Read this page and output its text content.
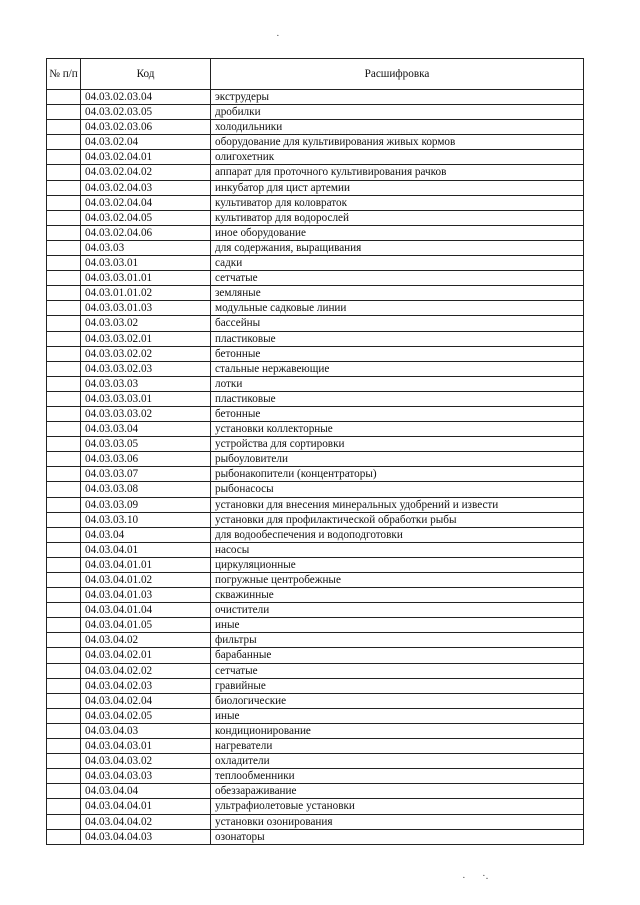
·
№ п/п	Код	Расшифровка
	04.03.02.03.04	экструдеры
	04.03.02.03.05	дробилки
	04.03.02.03.06	холодильники
	04.03.02.04	оборудование для культивирования живых кормов
	04.03.02.04.01	олигохетник
	04.03.02.04.02	аппарат для проточного культивирования рачков
	04.03.02.04.03	инкубатор для цист артемии
	04.03.02.04.04	культиватор для коловраток
	04.03.02.04.05	культиватор для водорослей
	04.03.02.04.06	иное оборудование
	04.03.03	для содержания, выращивания
	04.03.03.01	садки
	04.03.03.01.01	сетчатые
	04.03.01.01.02	земляные
	04.03.03.01.03	модульные садковые линии
	04.03.03.02	бассейны
	04.03.03.02.01	пластиковые
	04.03.03.02.02	бетонные
	04.03.03.02.03	стальные нержавеющие
	04.03.03.03	лотки
	04.03.03.03.01	пластиковые
	04.03.03.03.02	бетонные
	04.03.03.04	установки коллекторные
	04.03.03.05	устройства для сортировки
	04.03.03.06	рыбоуловители
	04.03.03.07	рыбонакопители (концентраторы)
	04.03.03.08	рыбонасосы
	04.03.03.09	установки для внесения минеральных удобрений и извести
	04.03.03.10	установки для профилактической обработки рыбы
	04.03.04	для водообеспечения и водоподготовки
	04.03.04.01	насосы
	04.03.04.01.01	циркуляционные
	04.03.04.01.02	погружные центробежные
	04.03.04.01.03	скважинные
	04.03.04.01.04	очистители
	04.03.04.01.05	иные
	04.03.04.02	фильтры
	04.03.04.02.01	барабанные
	04.03.04.02.02	сетчатые
	04.03.04.02.03	гравийные
	04.03.04.02.04	биологические
	04.03.04.02.05	иные
	04.03.04.03	кондиционирование
	04.03.04.03.01	нагреватели
	04.03.04.03.02	охладители
	04.03.04.03.03	теплообменники
	04.03.04.04	обеззараживание
	04.03.04.04.01	ультрафиолетовые установки
	04.03.04.04.02	установки озонирования
	04.03.04.04.03	озонаторы
· ·.
